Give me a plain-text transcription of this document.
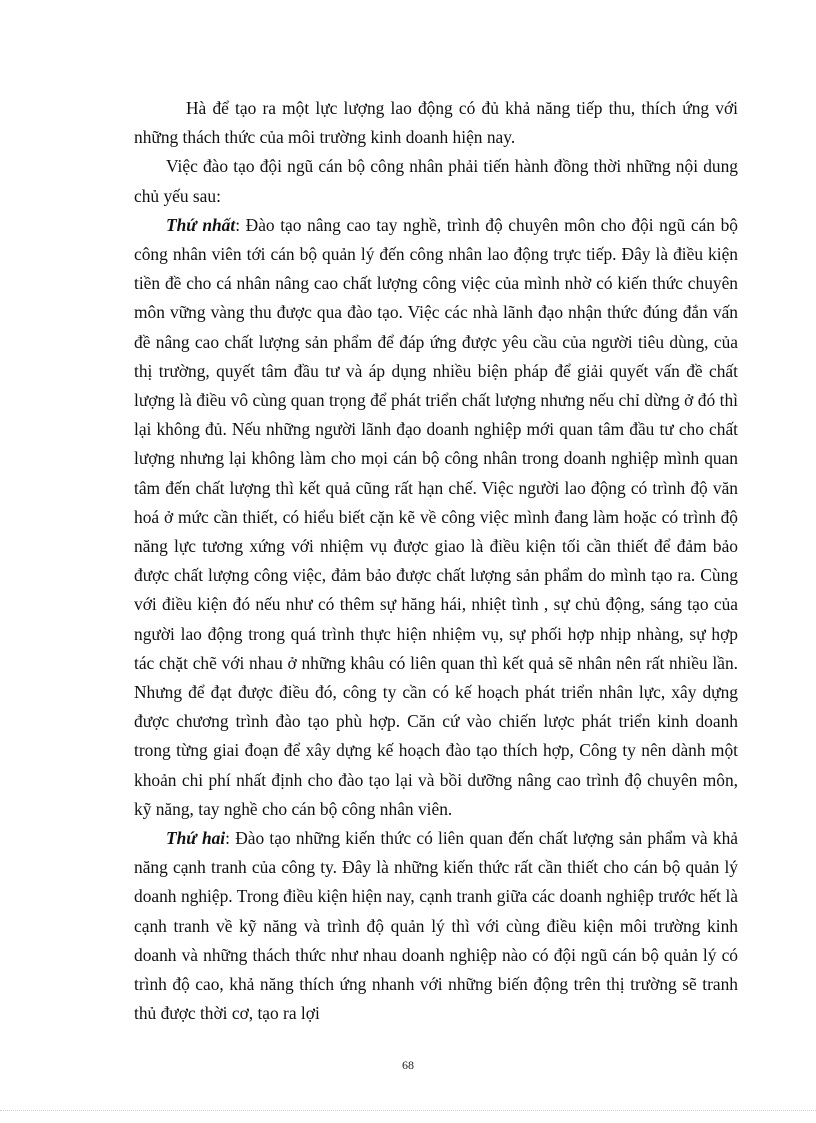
Hà để tạo ra một lực lượng lao động có đủ khả năng tiếp thu, thích ứng với những thách thức của môi trường kinh doanh hiện nay.

Việc đào tạo đội ngũ cán bộ công nhân phải tiến hành đồng thời những nội dung chủ yếu sau:

Thứ nhất: Đào tạo nâng cao tay nghề, trình độ chuyên môn cho đội ngũ cán bộ công nhân viên tới cán bộ quản lý đến công nhân lao động trực tiếp. Đây là điều kiện tiền đề cho cá nhân nâng cao chất lượng công việc của mình nhờ có kiến thức chuyên môn vững vàng thu được qua đào tạo. Việc các nhà lãnh đạo nhận thức đúng đắn vấn đề nâng cao chất lượng sản phẩm để đáp ứng được yêu cầu của người tiêu dùng, của thị trường, quyết tâm đầu tư và áp dụng nhiều biện pháp để giải quyết vấn đề chất lượng là điều vô cùng quan trọng để phát triển chất lượng nhưng nếu chỉ dừng ở đó thì lại không đủ. Nếu những người lãnh đạo doanh nghiệp mới quan tâm đầu tư cho chất lượng nhưng lại không làm cho mọi cán bộ công nhân trong doanh nghiệp mình quan tâm đến chất lượng thì kết quả cũng rất hạn chế. Việc người lao động có trình độ văn hoá ở mức cần thiết, có hiểu biết cặn kẽ về công việc mình đang làm hoặc có trình độ năng lực tương xứng với nhiệm vụ được giao là điều kiện tối cần thiết để đảm bảo được chất lượng công việc, đảm bảo được chất lượng sản phẩm do mình tạo ra. Cùng với điều kiện đó nếu như có thêm sự hăng hái, nhiệt tình , sự chủ động, sáng tạo của người lao động trong quá trình thực hiện nhiệm vụ, sự phối hợp nhịp nhàng, sự hợp tác chặt chẽ với nhau ở những khâu có liên quan thì kết quả sẽ nhân nên rất nhiều lần. Nhưng để đạt được điều đó, công ty cần có kế hoạch phát triển nhân lực, xây dựng được chương trình đào tạo phù hợp. Căn cứ vào chiến lược phát triển kinh doanh trong từng giai đoạn để xây dựng kế hoạch đào tạo thích hợp, Công ty nên dành một khoản chi phí nhất định cho đào tạo lại và bồi dưỡng nâng cao trình độ chuyên môn, kỹ năng, tay nghề cho cán bộ công nhân viên.

Thứ hai: Đào tạo những kiến thức có liên quan đến chất lượng sản phẩm và khả năng cạnh tranh của công ty. Đây là những kiến thức rất cần thiết cho cán bộ quản lý doanh nghiệp. Trong điều kiện hiện nay, cạnh tranh giữa các doanh nghiệp trước hết là cạnh tranh về kỹ năng và trình độ quản lý thì với cùng điều kiện môi trường kinh doanh và những thách thức như nhau doanh nghiệp nào có đội ngũ cán bộ quản lý có trình độ cao, khả năng thích ứng nhanh với những biến động trên thị trường sẽ tranh thủ được thời cơ, tạo ra lợi

68
